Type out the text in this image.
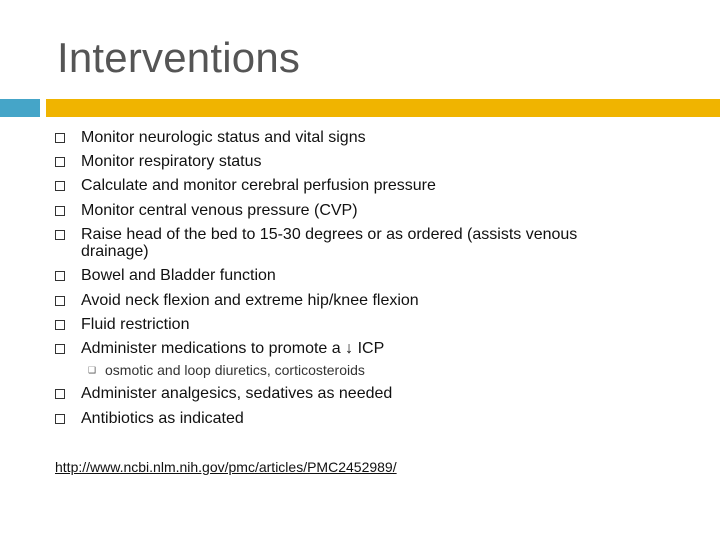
Interventions
Monitor neurologic status and vital signs
Monitor respiratory status
Calculate and monitor cerebral perfusion pressure
Monitor central venous pressure (CVP)
Raise head of the bed to 15-30 degrees or as ordered (assists venous
drainage)
Bowel and Bladder function
Avoid neck flexion and extreme hip/knee flexion
Fluid restriction
Administer medications to promote a ↓ ICP
❑ osmotic and loop diuretics, corticosteroids
Administer analgesics, sedatives as needed
Antibiotics as indicated
http://www.ncbi.nlm.nih.gov/pmc/articles/PMC2452989/
